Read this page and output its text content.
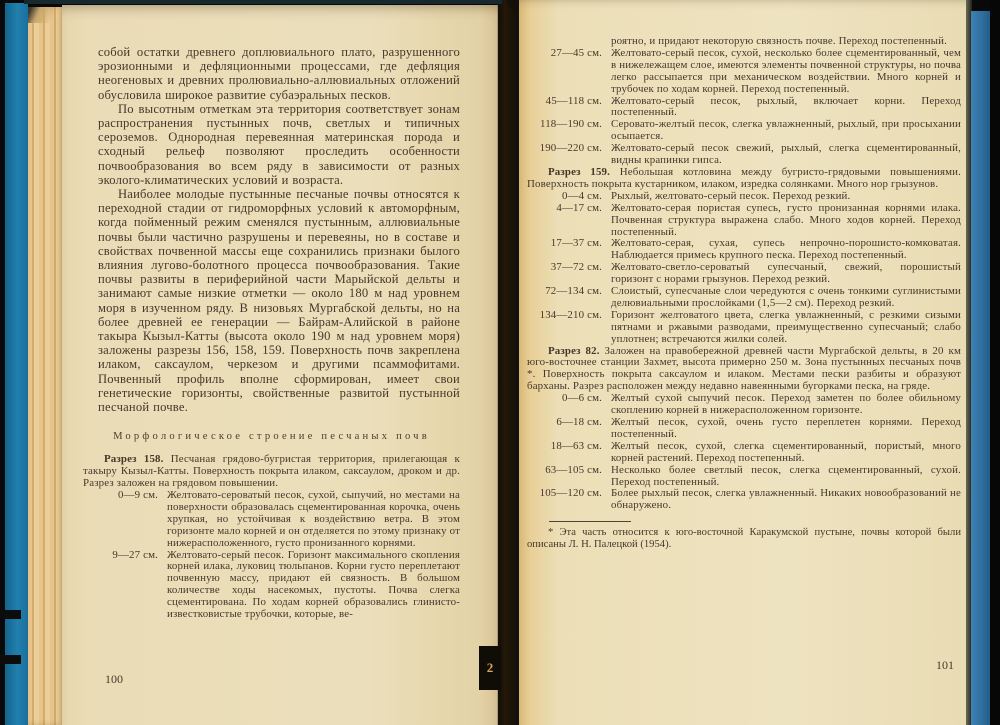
2

собой остатки древнего доплювиального плато, разрушенного эрозионными и дефляционными процессами, где дефляция неогеновых и древних пролювиально-аллювиальных отложений обусловила широкое развитие субаэральных песков.

По высотным отметкам эта территория соответствует зонам распространения пустынных почв, светлых и типичных сероземов. Однородная перевеянная материнская порода и сходный рельеф позволяют проследить особенности почвообразования во всем ряду в зависимости от разных эколого-климатических условий и возраста.

Наиболее молодые пустынные песчаные почвы относятся к переходной стадии от гидроморфных условий к автоморфным, когда пойменный режим сменялся пустынным, аллювиальные почвы были частично разрушены и перевеяны, но в составе и свойствах почвенной массы еще сохранились признаки былого влияния лугово-болотного процесса почвообразования. Такие почвы развиты в периферийной части Марыйской дельты и занимают самые низкие отметки — около 180 м над уровнем моря в изученном ряду. В низовьях Мургабской дельты, но на более древней ее генерации — Байрам-Алийской в районе такыра Кызыл-Катты (высота около 190 м над уровнем моря) заложены разрезы 156, 158, 159. Поверхность почв закреплена илаком, саксаулом, черкезом и другими псаммофитами. Почвенный профиль вполне сформирован, имеет свои генетические горизонты, свойственные развитой пустынной песчаной почве.

Морфологическое строение песчаных почв

Разрез 158. Песчаная грядово-бугристая территория, прилегающая к такыру Кызыл-Катты. Поверхность покрыта илаком, саксаулом, дроком и др. Разрез заложен на грядовом повышении.

0—9 см. Желтовато-сероватый песок, сухой, сыпучий, но местами на поверхности образовалась сцементированная корочка, очень хрупкая, но устойчивая к воздействию ветра. В этом горизонте мало корней и он отделяется по этому признаку от нижерасположенного, густо пронизанного корнями.
9—27 см. Желтовато-серый песок. Горизонт максимального скопления корней илака, луковиц тюльпанов. Корни густо переплетают почвенную массу, придают ей связность. В большом количестве ходы насекомых, пустоты. Почва слегка сцементирована. По ходам корней образовались глинисто-известковистые трубочки, которые, ве-
роятно, и придают некоторую связность почве. Переход постепенный.
27—45 см. Желтовато-серый песок, сухой, несколько более сцементированный, чем в нижележащем слое, имеются элементы почвенной структуры, но почва легко рассыпается при механическом воздействии. Много корней и трубочек по ходам корней. Переход постепенный.
45—118 см. Желтовато-серый песок, рыхлый, включает корни. Переход постепенный.
118—190 см. Серовато-желтый песок, слегка увлажненный, рыхлый, при просыхании осыпается.
190—220 см. Желтовато-серый песок свежий, рыхлый, слегка сцементированный, видны крапинки гипса.

Разрез 159. Небольшая котловина между бугристо-грядовыми повышениями. Поверхность покрыта кустарником, илаком, изредка солянками. Много нор грызунов.

0—4 см. Рыхлый, желтовато-серый песок. Переход резкий.
4—17 см. Желтовато-серая пористая супесь, густо пронизанная корнями илака. Почвенная структура выражена слабо. Много ходов корней. Переход постепенный.
17—37 см. Желтовато-серая, сухая, супесь непрочно-порошисто-комковатая. Наблюдается примесь крупного песка. Переход постепенный.
37—72 см. Желтовато-светло-сероватый супесчаный, свежий, порошистый горизонт с норами грызунов. Переход резкий.
72—134 см. Слоистый, супесчаные слои чередуются с очень тонкими суглинистыми делювиальными прослойками (1,5—2 см). Переход резкий.
134—210 см. Горизонт желтоватого цвета, слегка увлажненный, с резкими сизыми пятнами и ржавыми разводами, преимущественно супесчаный; слабо уплотнен; встречаются жилки солей.

Разрез 82. Заложен на правобережной древней части Мургабской дельты, в 20 км юго-восточнее станции Захмет, высота примерно 250 м. Зона пустынных песчаных почв *. Поверхность покрыта саксаулом и илаком. Местами пески разбиты и образуют барханы. Разрез расположен между недавно навеянными бугорками песка, на гряде.

0—6 см. Желтый сухой сыпучий песок. Переход заметен по более обильному скоплению корней в нижерасположенном горизонте.
6—18 см. Желтый песок, сухой, очень густо переплетен корнями. Переход постепенный.
18—63 см. Желтый песок, сухой, слегка сцементированный, пористый, много корней растений. Переход постепенный.
63—105 см. Несколько более светлый песок, слегка сцементированный, сухой. Переход постепенный.
105—120 см. Более рыхлый песок, слегка увлажненный. Никаких новообразований не обнаружено.

* Эта часть относится к юго-восточной Каракумской пустыне, почвы которой были описаны Л. Н. Палецкой (1954).

100
101
